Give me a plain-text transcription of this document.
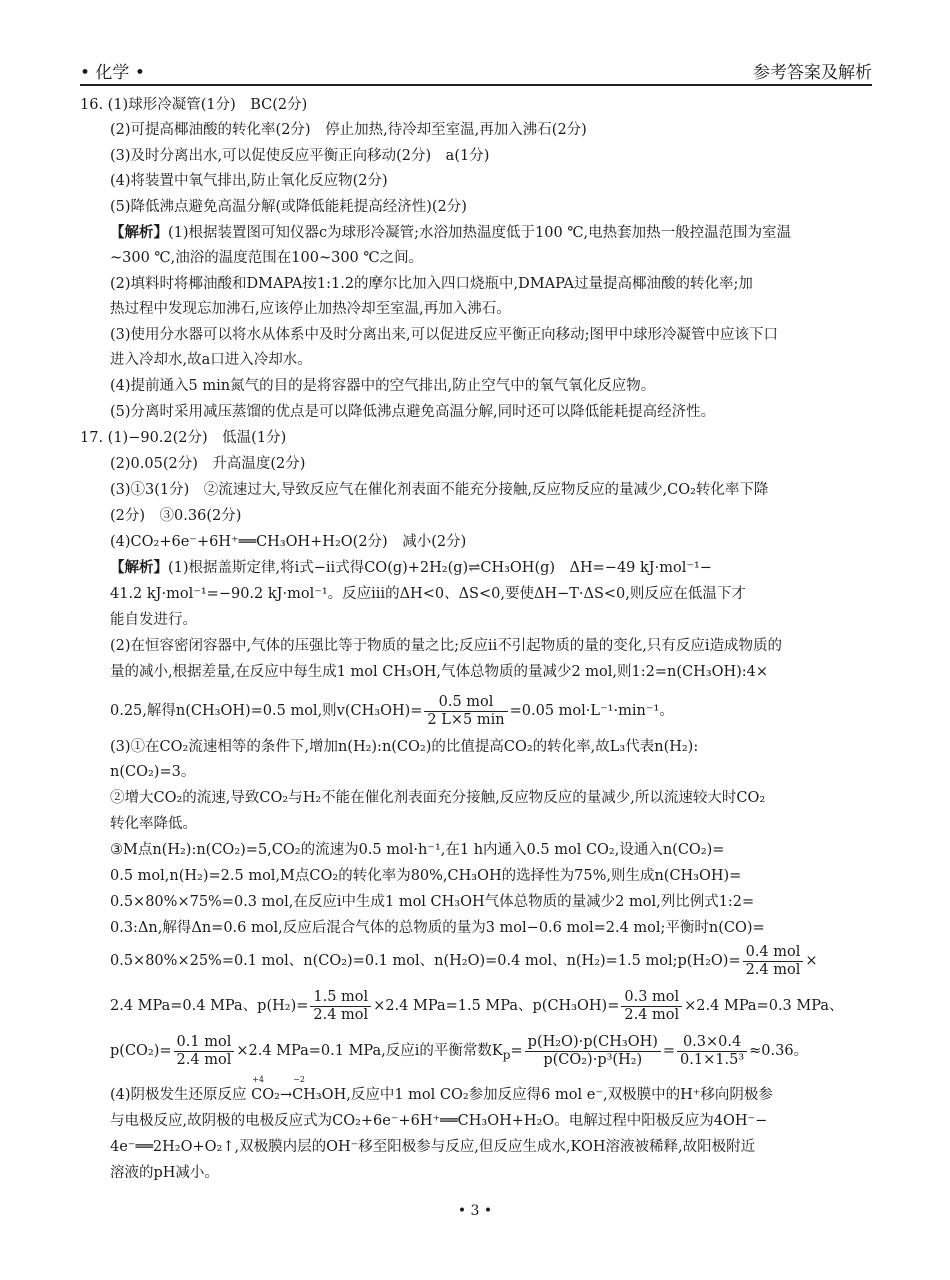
• 化学 •	参考答案及解析
16. (1)球形冷凝管(1分)　BC(2分)
(2)可提高椰油酸的转化率(2分)　停止加热,待冷却至室温,再加入沸石(2分)
(3)及时分离出水,可以促使反应平衡正向移动(2分)　a(1分)
(4)将装置中氧气排出,防止氧化反应物(2分)
(5)降低沸点避免高温分解(或降低能耗提高经济性)(2分)
【解析】(1)根据装置图可知仪器c为球形冷凝管;水浴加热温度低于100 ℃,电热套加热一般控温范围为室温
~300 ℃,油浴的温度范围在100~300 ℃之间。
(2)填料时将椰油酸和DMAPA按1:1.2的摩尔比加入四口烧瓶中,DMAPA过量提高椰油酸的转化率;加
热过程中发现忘加沸石,应该停止加热冷却至室温,再加入沸石。
(3)使用分水器可以将水从体系中及时分离出来,可以促进反应平衡正向移动;图甲中球形冷凝管中应该下口
进入冷却水,故a口进入冷却水。
(4)提前通入5 min氮气的目的是将容器中的空气排出,防止空气中的氧气氧化反应物。
(5)分离时采用减压蒸馏的优点是可以降低沸点避免高温分解,同时还可以降低能耗提高经济性。
17. (1)−90.2(2分)　低温(1分)
(2)0.05(2分)　升高温度(2分)
(3)①3(1分)　②流速过大,导致反应气在催化剂表面不能充分接触,反应物反应的量减少,CO₂转化率下降
(2分)　③0.36(2分)
(4)CO₂+6e⁻+6H⁺══CH₃OH+H₂O(2分)　减小(2分)
【解析】(1)根据盖斯定律,将ⅰ式−ⅱ式得CO(g)+2H₂(g)⇌CH₃OH(g)　ΔH=−49 kJ·mol⁻¹−
41.2 kJ·mol⁻¹=−90.2 kJ·mol⁻¹。反应ⅲ的ΔH<0、ΔS<0,要使ΔH−T·ΔS<0,则反应在低温下才
能自发进行。
(2)在恒容密闭容器中,气体的压强比等于物质的量之比;反应ⅱ不引起物质的量的变化,只有反应ⅰ造成物质的
量的减小,根据差量,在反应中每生成1 mol CH₃OH,气体总物质的量减少2 mol,则1:2=n(CH₃OH):4×
0.25,解得n(CH₃OH)=0.5 mol,则$v(CH_3OH)= \frac{\text{0.5 mol}}{2 L\times 5 \min} =0.05$ mol·L⁻¹·min⁻¹。
(3)①在CO₂流速相等的条件下,增加n(H₂):n(CO₂)的比值提高CO₂的转化率,故L₃代表n(H₂):
n(CO₂)=3。
②增大CO₂的流速,导致CO₂与H₂不能在催化剂表面充分接触,反应物反应的量减少,所以流速较大时CO₂
转化率降低。
③M点n(H₂):n(CO₂)=5,CO₂的流速为0.5 mol·h⁻¹,在1 h内通入0.5 mol CO₂,设通入n(CO₂)=
0.5 mol,n(H₂)=2.5 mol,M点CO₂的转化率为80%,CH₃OH的选择性为75%,则生成n(CH₃OH)=
0.5×80%×75%=0.3 mol,在反应ⅰ中生成1 mol CH₃OH气体总物质的量减少2 mol,列比例式1:2=
0.3:Δn,解得Δn=0.6 mol,反应后混合气体的总物质的量为3 mol−0.6 mol=2.4 mol;平衡时n(CO)=
0.5×80%×25%=0.1 mol、n(CO₂)=0.1 mol、n(H₂O)=0.4 mol、n(H₂)=1.5 mol;p(H₂O)= $\frac{\text{0.4 mol}}{\text{2.4 mol}}$ ×
2.4 MPa=0.4 MPa、$p(H_2)= \frac{\text{1.5 mol}}{\text{2.4 mol}} \times 2.4$ MPa=1.5 MPa、$p(CH_3OH)= \frac{\text{0.3 mol}}{\text{2.4 mol}} \times 2.4$ MPa=0.3 MPa、
$p(CO_2)= \frac{\text{0.1 mol}}{\text{2.4 mol}} \times 2.4$ MPa=0.1 MPa,反应ⅰ的平衡常数$K_p= \frac{\text{p(H₂O)·p(CH₃OH)}}{\text{p(CO₂)·p³(H₂)}} = \frac{0.3\times 0.4}{\text{0.1×1.5³}} \approx 0.36$。
(4)阴极发生还原反应
+4
CO₂→
−2
CH₃OH,反应中1 mol CO₂参加反应得6 mol e⁻,双极膜中的H⁺移向阴极参
与电极反应,故阴极的电极反应式为CO₂+6e⁻+6H⁺══CH₃OH+H₂O。电解过程中阳极反应为4OH⁻−
4e⁻══2H₂O+O₂↑,双极膜内层的OH⁻移至阳极参与反应,但反应生成水,KOH溶液被稀释,故阳极附近
溶液的pH减小。
• 3 •
